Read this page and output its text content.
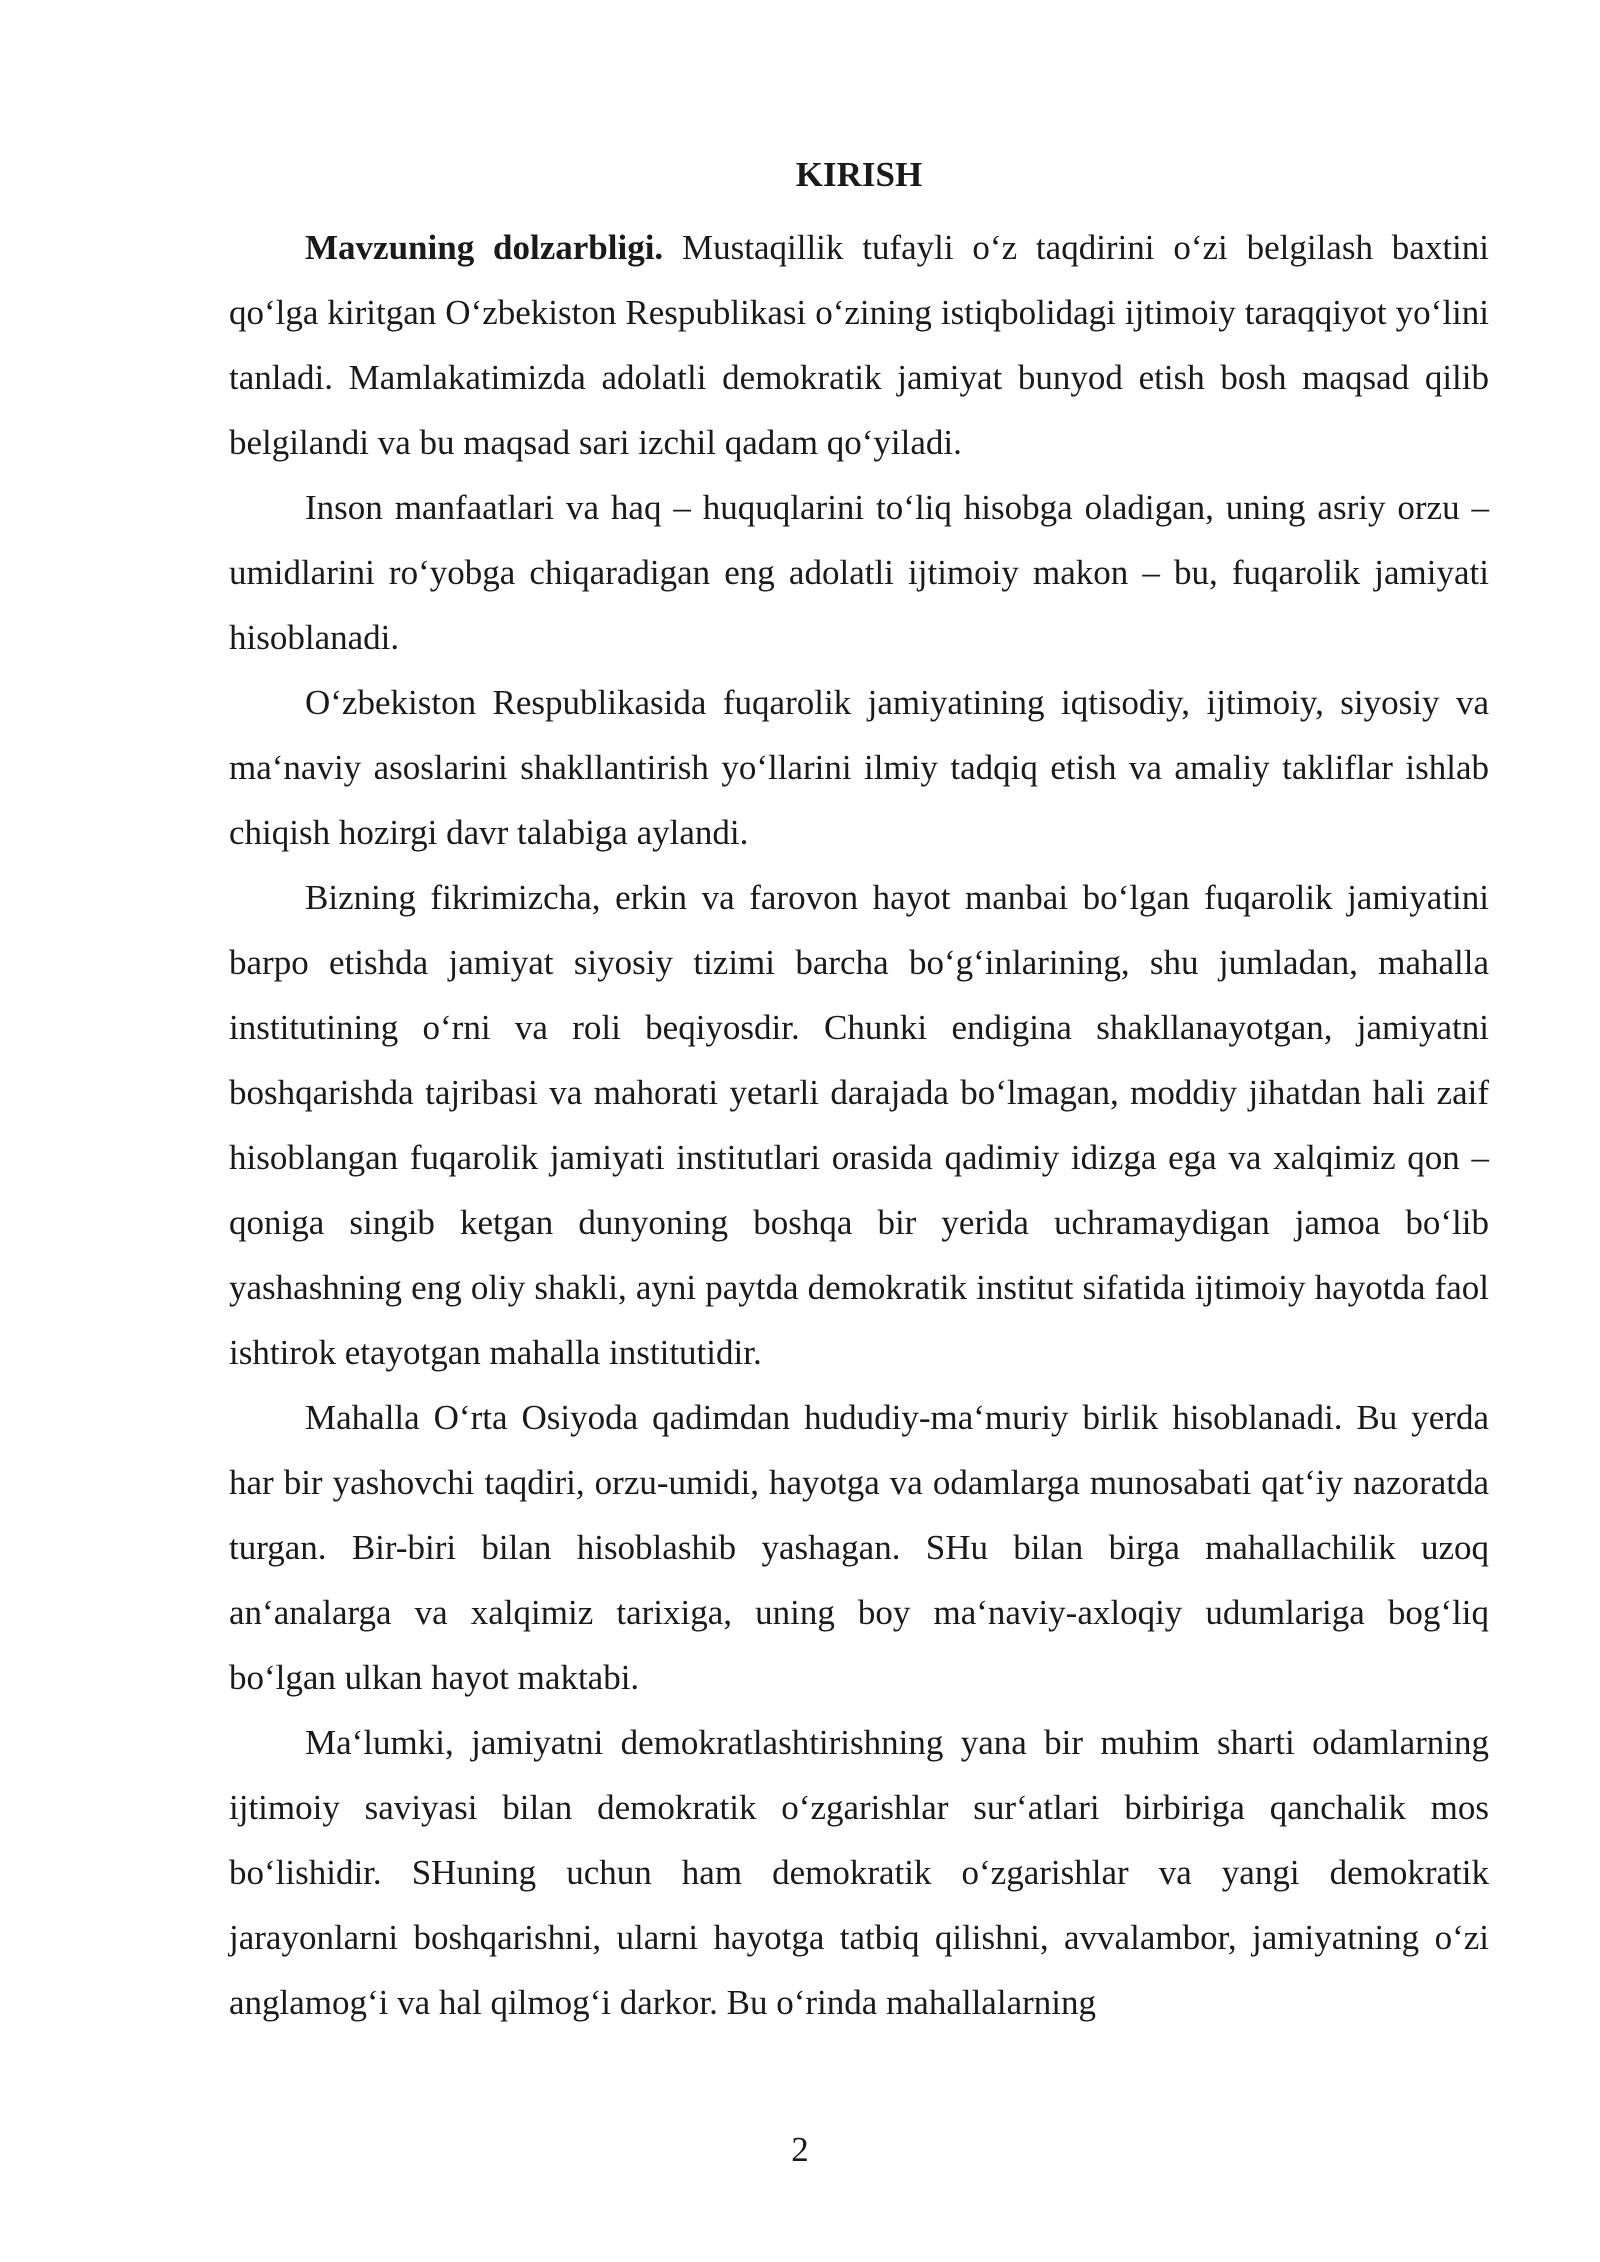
KIRISH

Mavzuning dolzarbligi. Mustaqillik tufayli o‘z taqdirini o‘zi belgilash baxtini qo‘lga kiritgan O‘zbekiston Respublikasi o‘zining istiqbolidagi ijtimoiy taraqqiyot yo‘lini tanladi. Mamlakatimizda adolatli demokratik jamiyat bunyod etish bosh maqsad qilib belgilandi va bu maqsad sari izchil qadam qo‘yiladi.

Inson manfaatlari va haq – huquqlarini to‘liq hisobga oladigan, uning asriy orzu – umidlarini ro‘yobga chiqaradigan eng adolatli ijtimoiy makon – bu, fuqarolik jamiyati hisoblanadi.

O‘zbekiston Respublikasida fuqarolik jamiyatining iqtisodiy, ijtimoiy, siyosiy va ma‘naviy asoslarini shakllantirish yo‘llarini ilmiy tadqiq etish va amaliy takliflar ishlab chiqish hozirgi davr talabiga aylandi.

Bizning fikrimizcha, erkin va farovon hayot manbai bo‘lgan fuqarolik jamiyatini barpo etishda jamiyat siyosiy tizimi barcha bo‘g‘inlarining, shu jumladan, mahalla institutining o‘rni va roli beqiyosdir. Chunki endigina shakllanayotgan, jamiyatni boshqarishda tajribasi va mahorati yetarli darajada bo‘lmagan, moddiy jihatdan hali zaif hisoblangan fuqarolik jamiyati institutlari orasida qadimiy idizga ega va xalqimiz qon – qoniga singib ketgan dunyoning boshqa bir yerida uchramaydigan jamoa bo‘lib yashashning eng oliy shakli, ayni paytda demokratik institut sifatida ijtimoiy hayotda faol ishtirok etayotgan mahalla institutidir.

Mahalla O‘rta Osiyoda qadimdan hududiy-ma‘muriy birlik hisoblanadi. Bu yerda har bir yashovchi taqdiri, orzu-umidi, hayotga va odamlarga munosabati qat‘iy nazoratda turgan. Bir-biri bilan hisoblashib yashagan. SHu bilan birga mahallachilik uzoq an‘analarga va xalqimiz tarixiga, uning boy ma‘naviy-axloqiy udumlariga bog‘liq bo‘lgan ulkan hayot maktabi.

Ma‘lumki, jamiyatni demokratlashtirishning yana bir muhim sharti odamlarning ijtimoiy saviyasi bilan demokratik o‘zgarishlar sur‘atlari birbiriga qanchalik mos bo‘lishidir. SHuning uchun ham demokratik o‘zgarishlar va yangi demokratik jarayonlarni boshqarishni, ularni hayotga tatbiq qilishni, avvalambor, jamiyatning o‘zi anglamog‘i va hal qilmog‘i darkor. Bu o‘rinda mahallalarning

2
